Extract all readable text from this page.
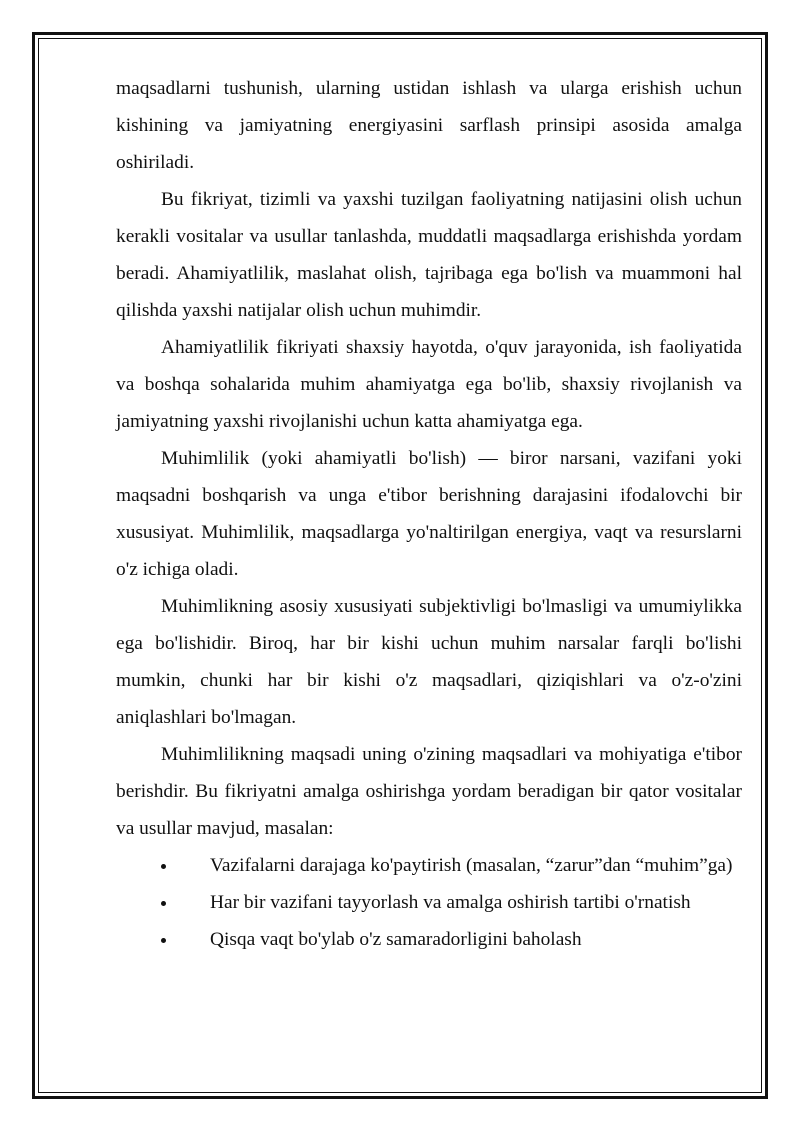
maqsadlarni tushunish, ularning ustidan ishlash va ularga erishish uchun kishining va jamiyatning energiyasini sarflash prinsipi asosida amalga oshiriladi.

Bu fikriyat, tizimli va yaxshi tuzilgan faoliyatning natijasini olish uchun kerakli vositalar va usullar tanlashda, muddatli maqsadlarga erishishda yordam beradi. Ahamiyatlilik, maslahat olish, tajribaga ega bo'lish va muammoni hal qilishda yaxshi natijalar olish uchun muhimdir.

Ahamiyatlilik fikriyati shaxsiy hayotda, o'quv jarayonida, ish faoliyatida va boshqa sohalarida muhim ahamiyatga ega bo'lib, shaxsiy rivojlanish va jamiyatning yaxshi rivojlanishi uchun katta ahamiyatga ega.

Muhimlilik (yoki ahamiyatli bo'lish) — biror narsani, vazifani yoki maqsadni boshqarish va unga e'tibor berishning darajasini ifodalovchi bir xususiyat. Muhimlilik, maqsadlarga yo'naltirilgan energiya, vaqt va resurslarni o'z ichiga oladi.

Muhimlikning asosiy xususiyati subjektivligi bo'lmasligi va umumiylikka ega bo'lishidir. Biroq, har bir kishi uchun muhim narsalar farqli bo'lishi mumkin, chunki har bir kishi o'z maqsadlari, qiziqishlari va o'z-o'zini aniqlashlari bo'lmagan.

Muhimlilikning maqsadi uning o'zining maqsadlari va mohiyatiga e'tibor berishdir. Bu fikriyatni amalga oshirishga yordam beradigan bir qator vositalar va usullar mavjud, masalan:

Vazifalarni darajaga ko'paytirish (masalan, “zarur”dan “muhim”ga)
Har bir vazifani tayyorlash va amalga oshirish tartibi o'rnatish
Qisqa vaqt bo'ylab o'z samaradorligini baholash
